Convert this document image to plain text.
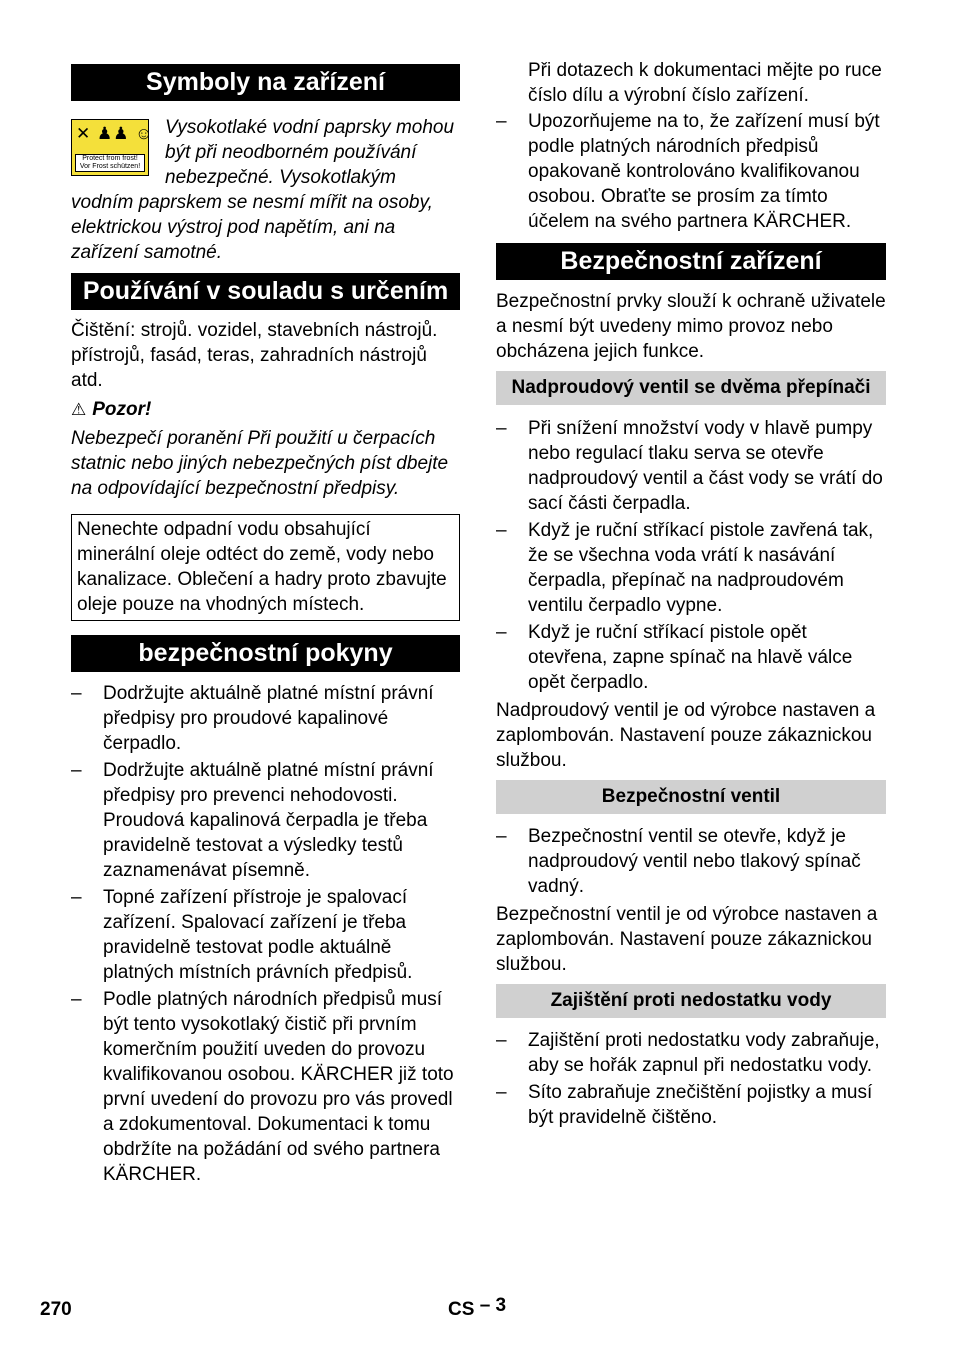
Symboly na zařízení
✕ ♟♟ ☺
Protect from frost!
Vor Frost schützen!

Vysokotlaké vodní paprsky mohou být při neodborném používání nebezpečné. Vysokotlakým vodním paprskem se nesmí mířit na osoby, elektrickou výstroj pod napětím, ani na zařízení samotné.

Používání v souladu s určením

Čištění: strojů. vozidel, stavebních nástrojů. přístrojů, fasád, teras, zahradních nástrojů atd.

⚠ Pozor!

Nebezpečí poranění Při použití u čerpacích statnic nebo jiných nebezpečných píst dbejte na odpovídající bezpečnostní předpisy.

Nenechte odpadní vodu obsahující minerální oleje odtéct do země, vody nebo kanalizace. Oblečení a hadry proto zbavujte oleje pouze na vhodných místech.

bezpečnostní pokyny
– Dodržujte aktuálně platné místní právní předpisy pro proudové kapalinové čerpadlo.
– Dodržujte aktuálně platné místní právní předpisy pro prevenci nehodovosti. Proudová kapalinová čerpadla je třeba pravidelně testovat a výsledky testů zaznamenávat písemně.
– Topné zařízení přístroje je spalovací zařízení. Spalovací zařízení je třeba pravidelně testovat podle aktuálně platných místních právních předpisů.
– Podle platných národních předpisů musí být tento vysokotlaký čistič při prvním komerčním použití uveden do provozu kvalifikovanou osobou. KÄRCHER již toto první uvedení do provozu pro vás provedl a zdokumentoval. Dokumentaci k tomu obdržíte na požádání od svého partnera KÄRCHER.

Při dotazech k dokumentaci mějte po ruce číslo dílu a výrobní číslo zařízení.

– Upozorňujeme na to, že zařízení musí být podle platných národních předpisů opakovaně kontrolováno kvalifikovanou osobou. Obraťte se prosím za tímto účelem na svého partnera KÄRCHER.
Bezpečnostní zařízení

Bezpečnostní prvky slouží k ochraně uživatele a nesmí být uvedeny mimo provoz nebo obcházena jejich funkce.

Nadproudový ventil se dvěma přepínači
– Při snížení množství vody v hlavě pumpy nebo regulací tlaku serva se otevře nadproudový ventil a část vody se vrátí do sací části čerpadla.
– Když je ruční stříkací pistole zavřená tak, že se všechna voda vrátí k nasávání čerpadla, přepínač na nadproudovém ventilu čerpadlo vypne.
– Když je ruční stříkací pistole opět otevřena, zapne spínač na hlavě válce opět čerpadlo.

Nadproudový ventil je od výrobce nastaven a zaplombován. Nastavení pouze zákaznickou službou.

Bezpečnostní ventil
– Bezpečnostní ventil se otevře, když je nadproudový ventil nebo tlakový spínač vadný.

Bezpečnostní ventil je od výrobce nastaven a zaplombován. Nastavení pouze zákaznickou službou.

Zajištění proti nedostatku vody
– Zajištění proti nedostatku vody zabraňuje, aby se hořák zapnul při nedostatku vody.
– Síto zabraňuje znečištění pojistky a musí být pravidelně čištěno.
270	CS – 3
